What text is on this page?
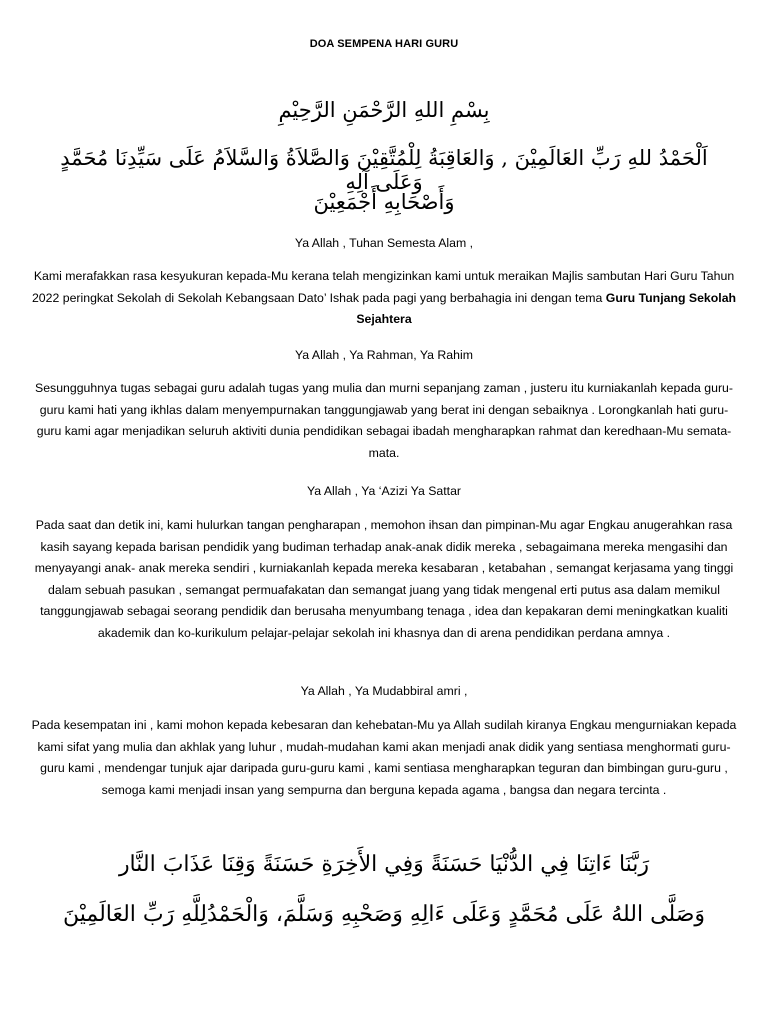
DOA SEMPENA HARI GURU
بِسْمِ اللهِ الرَّحْمَنِ الرَّحِيْمِ
اَلْحَمْدُ للهِ رَبِّ العَالَمِيْنَ , وَالعَاقِبَةُ لِلْمُتَّقِيْنَ وَالصَّلاَةُ وَالسَّلاَمُ عَلَى سَيِّدِنَا مُحَمَّدٍ وَعَلَى آلِهِ
وَأَصْحَابِهِ أَجْمَعِيْنَ
Ya Allah , Tuhan Semesta Alam ,
Kami merafakkan rasa kesyukuran kepada-Mu kerana telah mengizinkan kami untuk meraikan Majlis sambutan Hari Guru Tahun 2022 peringkat Sekolah di Sekolah Kebangsaan Dato’ Ishak pada pagi yang berbahagia ini dengan tema Guru Tunjang Sekolah Sejahtera
Ya Allah , Ya Rahman, Ya Rahim
Sesungguhnya tugas sebagai guru adalah tugas yang mulia dan murni sepanjang zaman , justeru itu kurniakanlah kepada guru-guru kami hati yang ikhlas dalam menyempurnakan tanggungjawab yang berat ini dengan sebaiknya . Lorongkanlah hati guru-guru kami agar menjadikan seluruh aktiviti dunia pendidikan sebagai ibadah mengharapkan rahmat dan keredhaan-Mu semata-mata.
Ya Allah , Ya ‘Azizi Ya Sattar
Pada saat dan detik ini, kami hulurkan tangan pengharapan , memohon ihsan dan pimpinan-Mu agar Engkau anugerahkan rasa kasih sayang kepada barisan pendidik yang budiman terhadap anak-anak didik mereka , sebagaimana mereka mengasihi dan menyayangi anak- anak mereka sendiri , kurniakanlah kepada mereka kesabaran , ketabahan , semangat kerjasama yang tinggi dalam sebuah pasukan , semangat permuafakatan dan semangat juang yang tidak mengenal erti putus asa dalam memikul tanggungjawab sebagai seorang pendidik dan berusaha menyumbang tenaga , idea dan kepakaran demi meningkatkan kualiti akademik dan ko-kurikulum pelajar-pelajar sekolah ini khasnya dan di arena pendidikan perdana amnya .
Ya Allah , Ya Mudabbiral amri ,
Pada kesempatan ini , kami mohon kepada kebesaran dan kehebatan-Mu ya Allah sudilah kiranya Engkau mengurniakan kepada kami sifat yang mulia dan akhlak yang luhur , mudah-mudahan kami akan menjadi anak didik yang sentiasa menghormati guru-guru kami , mendengar tunjuk ajar daripada guru-guru kami , kami sentiasa mengharapkan teguran dan bimbingan guru-guru , semoga kami menjadi insan yang sempurna dan berguna kepada agama , bangsa dan negara tercinta .
رَبَّنَا ءَاتِنَا فِي الدُّنْيَا حَسَنَةً وَفِي الأَخِرَةِ حَسَنَةً وَقِنَا عَذَابَ النَّار
وَصَلَّى اللهُ عَلَى مُحَمَّدٍ وَعَلَى ءَالِهِ وَصَحْبِهِ وَسَلَّمَ، وَالْحَمْدُلِلَّهِ رَبِّ العَالَمِيْنَ
